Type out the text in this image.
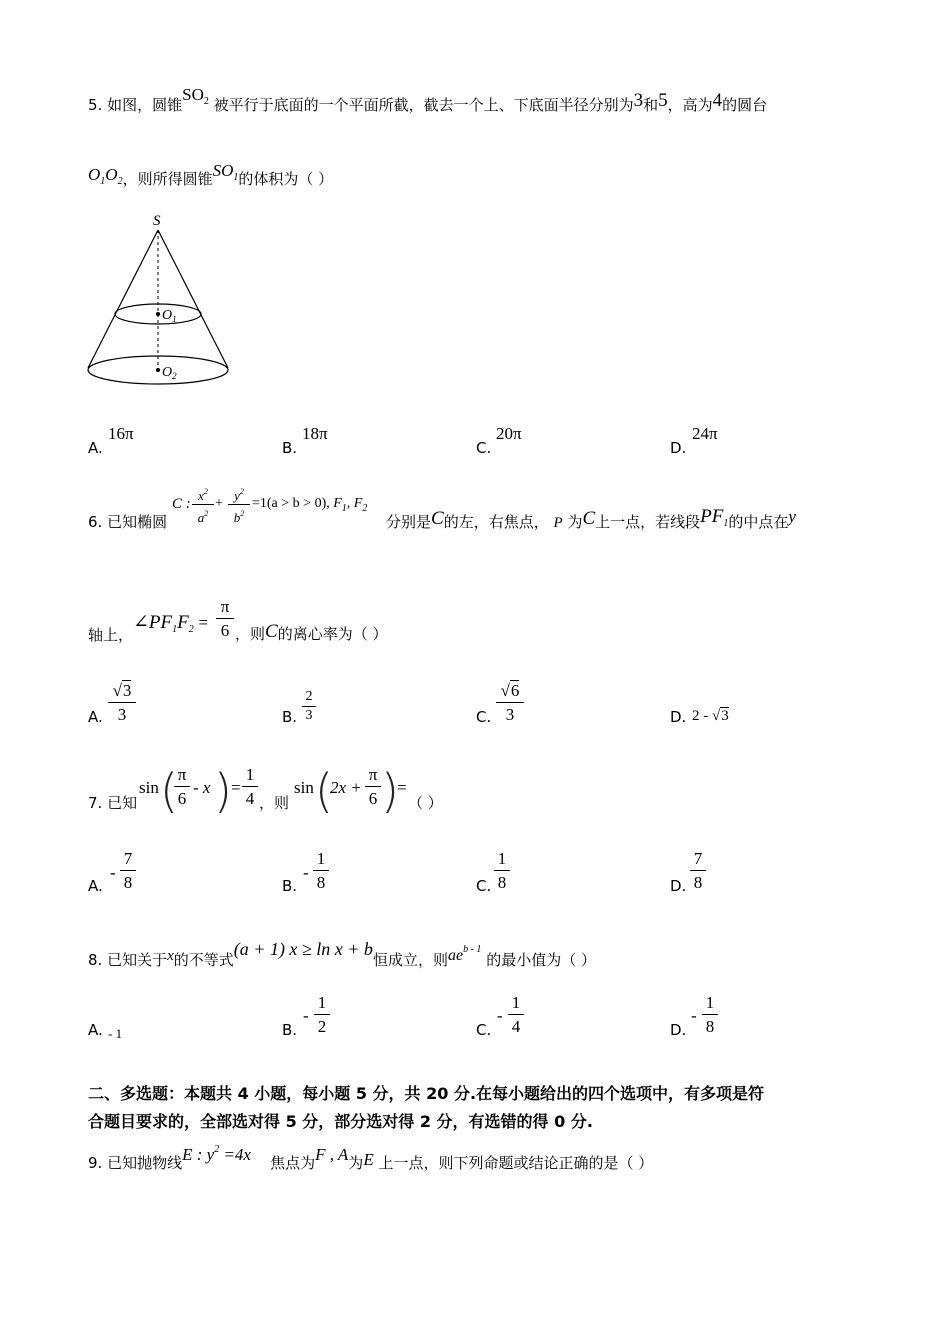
5. 如图，圆锥$SO_2$ 被平行于底面的一个平面所截，截去一个上、下底面半径分别为3和5，高为4的圆台
$O_1O_2$，则所得圆锥$SO_1$的体积为（ ）
S
$O_1$
$O_2$
A.
16π
B.
18π
C.
20π
D.
24π
6. 已知椭圆
C :
$x^2$
$a^2$
+
$y^2$
$b^2$
=1(a > b > 0), $F_1$, $F_2$
分别是C的左，右焦点， P 为C上一点，若线段$PF_1$的中点在y
轴上，$\angle PF_1F_2$ =
π
6 ，则C的离心率为（ ）
A.
√3
3	B.
2
3	C.
√6
3	D. 2 - √3
7. 已知
sin ( π
6
- x ) =
1
4 ，则
sin (
2x +
π
6 )
=
（ ）
A.
-
7
8	B.
-
1
8	C.
1
8	D.
7
8
8. 已知关于x的不等式(a + 1) x ≥ ln x + b恒成立，则$ae^{b - 1}$ 的最小值为（ ）
A. - 1	B.
-
1
2	C.
-
1
4	D.
-
1
8
二、多选题：本题共 4 小题，每小题 5 分，共 20 分.在每小题给出的四个选项中，有多项是符
合题目要求的，全部选对得 5 分，部分选对得 2 分，有选错的得 0 分.
9. 已知抛物线E : $y^2 =4x$ 焦点为F , A为E 上一点，则下列命题或结论正确的是（ ）
